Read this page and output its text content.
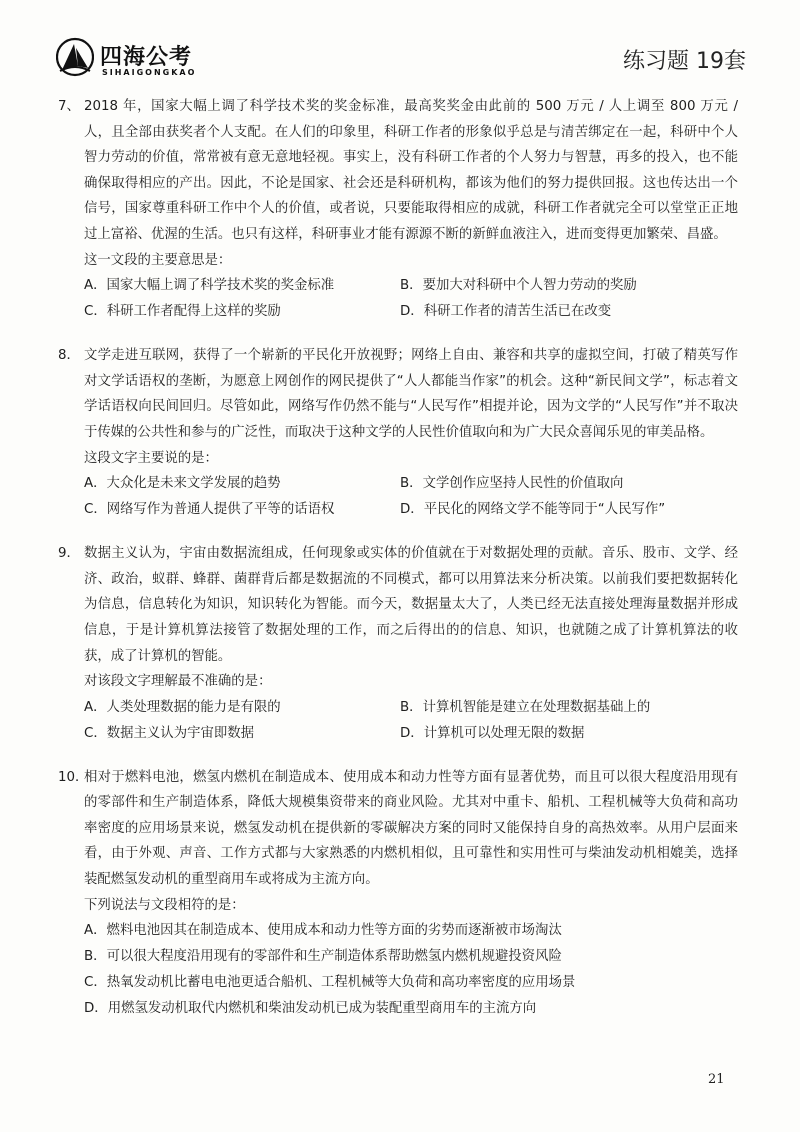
四海公考
SIHAIGONGKAO	练习题 19套
7、 2018 年，国家大幅上调了科学技术奖的奖金标准，最高奖奖金由此前的 500 万元 / 人上调至 800 万元 / 人，且全部由获奖者个人支配。在人们的印象里，科研工作者的形象似乎总是与清苦绑定在一起，科研中个人智力劳动的价值，常常被有意无意地轻视。事实上，没有科研工作者的个人努力与智慧，再多的投入，也不能确保取得相应的产出。因此，不论是国家、社会还是科研机构，都该为他们的努力提供回报。这也传达出一个信号，国家尊重科研工作中个人的价值，或者说，只要能取得相应的成就，科研工作者就完全可以堂堂正正地过上富裕、优渥的生活。也只有这样，科研事业才能有源源不断的新鲜血液注入，进而变得更加繁荣、昌盛。
这一文段的主要意思是：
A．国家大幅上调了科学技术奖的奖金标准	B．要加大对科研中个人智力劳动的奖励
C．科研工作者配得上这样的奖励	D．科研工作者的清苦生活已在改变
8． 文学走进互联网，获得了一个崭新的平民化开放视野；网络上自由、兼容和共享的虚拟空间，打破了精英写作对文学话语权的垄断，为愿意上网创作的网民提供了“人人都能当作家”的机会。这种“新民间文学”，标志着文学话语权向民间回归。尽管如此，网络写作仍然不能与“人民写作”相提并论，因为文学的“人民写作”并不取决于传媒的公共性和参与的广泛性，而取决于这种文学的人民性价值取向和为广大民众喜闻乐见的审美品格。
这段文字主要说的是：
A．大众化是未来文学发展的趋势	B．文学创作应坚持人民性的价值取向
C．网络写作为普通人提供了平等的话语权	D．平民化的网络文学不能等同于“人民写作”
9． 数据主义认为，宇宙由数据流组成，任何现象或实体的价值就在于对数据处理的贡献。音乐、股市、文学、经济、政治，蚁群、蜂群、菌群背后都是数据流的不同模式，都可以用算法来分析决策。以前我们要把数据转化为信息，信息转化为知识，知识转化为智能。而今天，数据量太大了，人类已经无法直接处理海量数据并形成信息，于是计算机算法接管了数据处理的工作，而之后得出的的信息、知识，也就随之成了计算机算法的收获，成了计算机的智能。
对该段文字理解最不准确的是：
A．人类处理数据的能力是有限的	B．计算机智能是建立在处理数据基础上的
C．数据主义认为宇宙即数据	D．计算机可以处理无限的数据
10．
相对于燃料电池，燃氢内燃机在制造成本、使用成本和动力性等方面有显著优势，而且可以很大程度沿用现有的零部件和生产制造体系，降低大规模集资带来的商业风险。尤其对中重卡、船机、工程机械等大负荷和高功率密度的应用场景来说，燃氢发动机在提供新的零碳解决方案的同时又能保持自身的高热效率。从用户层面来看，由于外观、声音、工作方式都与大家熟悉的内燃机相似，且可靠性和实用性可与柴油发动机相媲美，选择装配燃氢发动机的重型商用车或将成为主流方向。
下列说法与文段相符的是：
A．燃料电池因其在制造成本、使用成本和动力性等方面的劣势而逐渐被市场淘汰
B．可以很大程度沿用现有的零部件和生产制造体系帮助燃氢内燃机规避投资风险
C．热氧发动机比蓄电电池更适合船机、工程机械等大负荷和高功率密度的应用场景
D．用燃氢发动机取代内燃机和柴油发动机已成为装配重型商用车的主流方向
21
